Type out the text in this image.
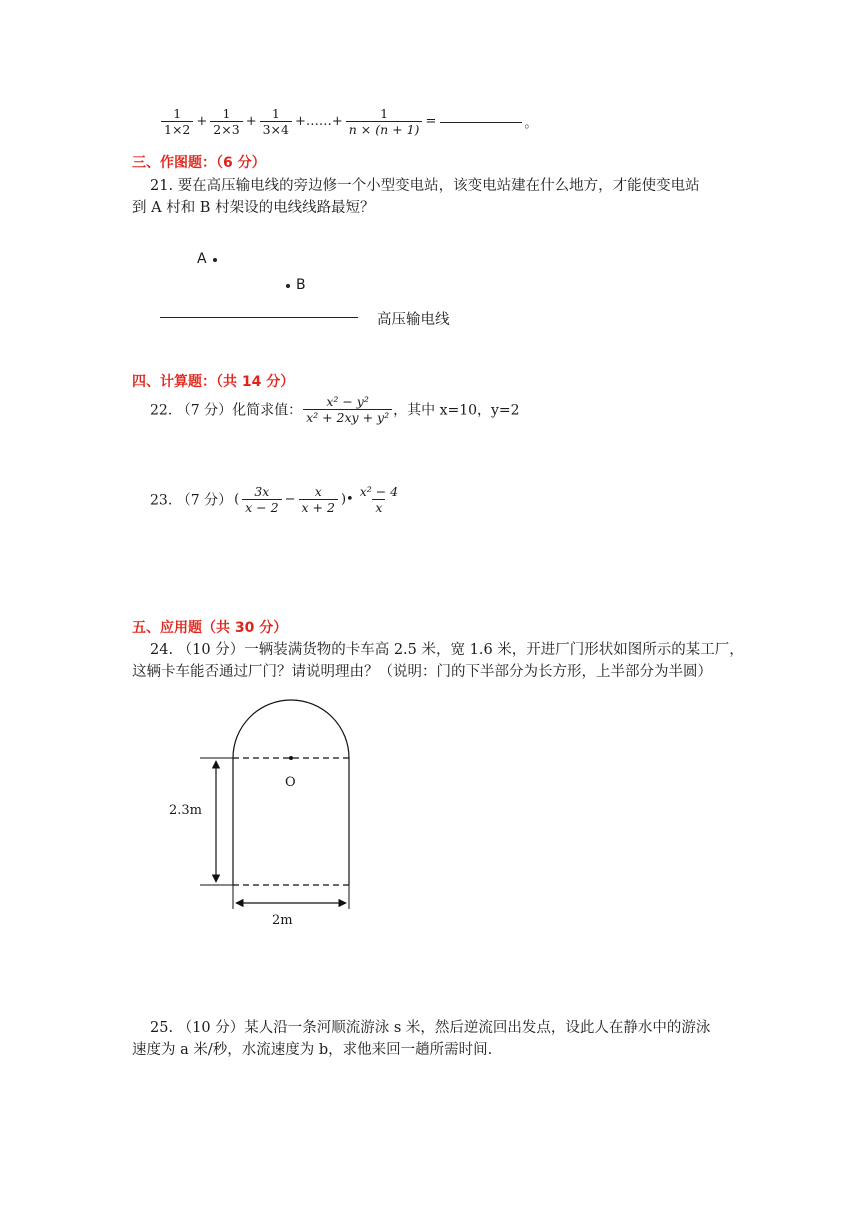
$\frac{1}{1\times 2} + \frac{1}{2\times 3} + \frac{1}{3\times 4}$ +……+ $\frac{1}{n \times (n + 1)}$ =	。
三、作图题：（6 分）
21. 要在高压输电线的旁边修一个小型变电站，该变电站建在什么地方，才能使变电站
到 A 村和 B 村架设的电线线路最短？
A
B
高压输电线
四、计算题：（共 14 分）
22. （7 分）化简求值： $\frac{\text{x² − y²}}{\text{x² + 2xy + y²}}$ ，其中 x=10，y=2
23. （7 分） ( $\frac{3x}{x - 2} - \frac{x}{x + 2}$ )• $\frac{\text{x² − 4}}{x}$
五、应用题（共 30 分）
24. （10 分）一辆装满货物的卡车高 2.5 米，宽 1.6 米，开进厂门形状如图所示的某工厂，
这辆卡车能否通过厂门？请说明理由？（说明：门的下半部分为长方形，上半部分为半圆）
O
2.3m
2m
25. （10 分）某人沿一条河顺流游泳 s 米，然后逆流回出发点，设此人在静水中的游泳
速度为 a 米/秒，水流速度为 b，求他来回一趟所需时间.
